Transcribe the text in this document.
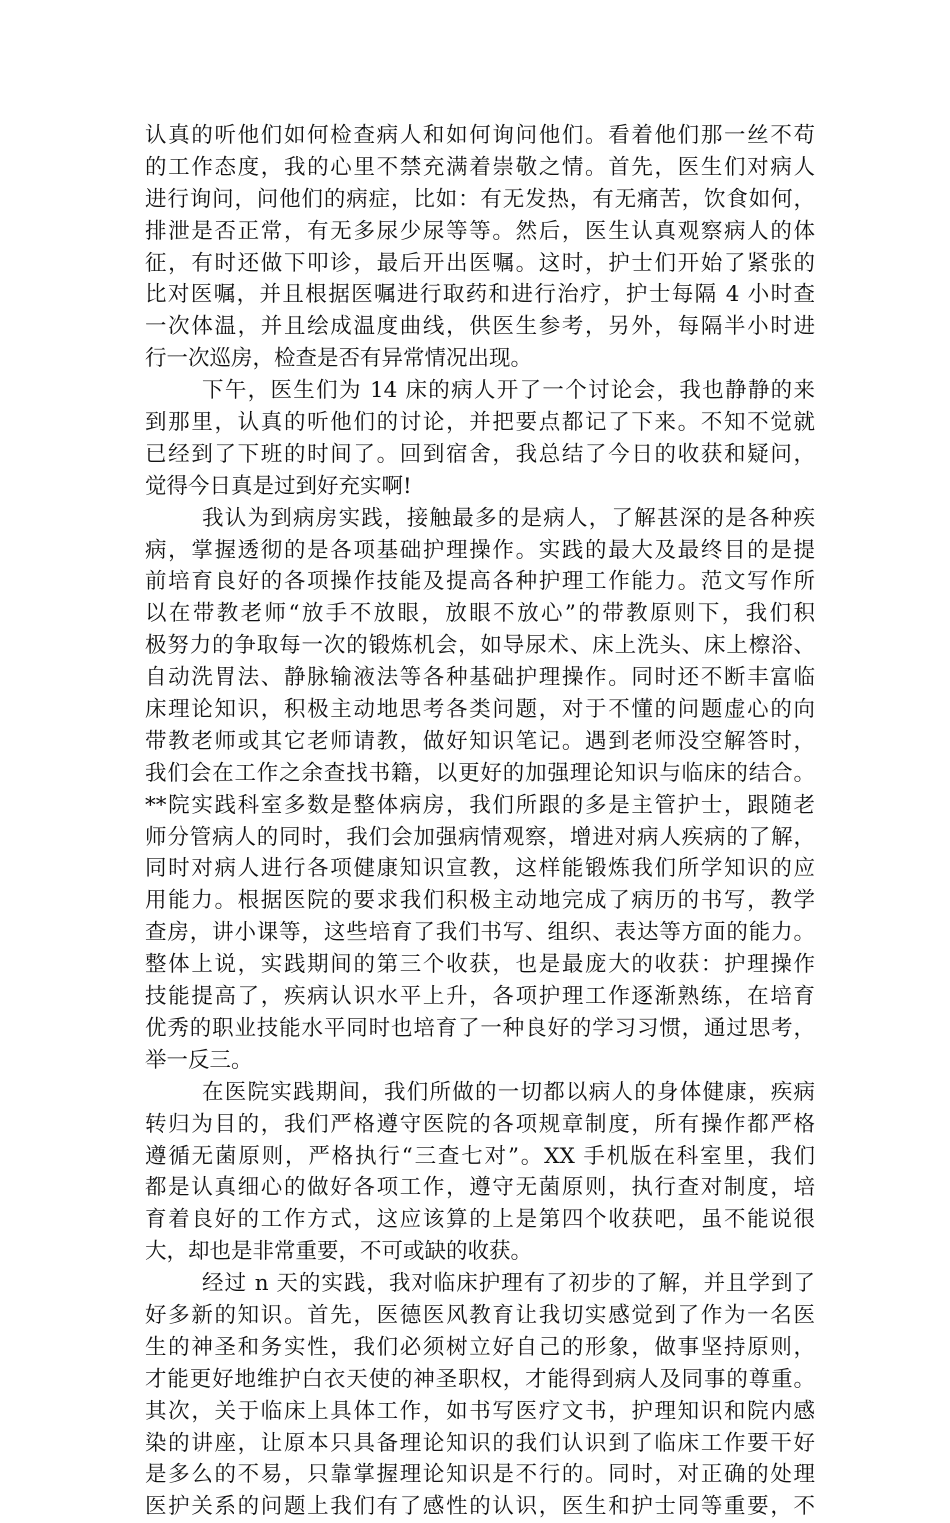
认真的听他们如何检查病人和如何询问他们。看着他们那一丝不苟
的工作态度，我的心里不禁充满着崇敬之情。首先，医生们对病人
进行询问，问他们的病症，比如：有无发热，有无痛苦，饮食如何，
排泄是否正常，有无多尿少尿等等。然后，医生认真观察病人的体
征，有时还做下叩诊，最后开出医嘱。这时，护士们开始了紧张的
比对医嘱，并且根据医嘱进行取药和进行治疗，护士每隔 4 小时查
一次体温，并且绘成温度曲线，供医生参考，另外，每隔半小时进
行一次巡房，检查是否有异常情况出现。
下午，医生们为 14 床的病人开了一个讨论会，我也静静的来
到那里，认真的听他们的讨论，并把要点都记了下来。不知不觉就
已经到了下班的时间了。回到宿舍，我总结了今日的收获和疑问，
觉得今日真是过到好充实啊!
我认为到病房实践，接触最多的是病人，了解甚深的是各种疾
病，掌握透彻的是各项基础护理操作。实践的最大及最终目的是提
前培育良好的各项操作技能及提高各种护理工作能力。范文写作所
以在带教老师“放手不放眼，放眼不放心”的带教原则下，我们积
极努力的争取每一次的锻炼机会，如导尿术、床上洗头、床上檫浴、
自动洗胃法、静脉输液法等各种基础护理操作。同时还不断丰富临
床理论知识，积极主动地思考各类问题，对于不懂的问题虚心的向
带教老师或其它老师请教，做好知识笔记。遇到老师没空解答时，
我们会在工作之余查找书籍，以更好的加强理论知识与临床的结合。
**院实践科室多数是整体病房，我们所跟的多是主管护士，跟随老
师分管病人的同时，我们会加强病情观察，增进对病人疾病的了解，
同时对病人进行各项健康知识宣教，这样能锻炼我们所学知识的应
用能力。根据医院的要求我们积极主动地完成了病历的书写，教学
查房，讲小课等，这些培育了我们书写、组织、表达等方面的能力。
整体上说，实践期间的第三个收获，也是最庞大的收获：护理操作
技能提高了，疾病认识水平上升，各项护理工作逐渐熟练，在培育
优秀的职业技能水平同时也培育了一种良好的学习习惯，通过思考，
举一反三。
在医院实践期间，我们所做的一切都以病人的身体健康，疾病
转归为目的，我们严格遵守医院的各项规章制度，所有操作都严格
遵循无菌原则，严格执行“三查七对”。XX 手机版在科室里，我们
都是认真细心的做好各项工作，遵守无菌原则，执行查对制度，培
育着良好的工作方式，这应该算的上是第四个收获吧，虽不能说很
大，却也是非常重要，不可或缺的收获。
经过 n 天的实践，我对临床护理有了初步的了解，并且学到了
好多新的知识。首先，医德医风教育让我切实感觉到了作为一名医
生的神圣和务实性，我们必须树立好自己的形象，做事坚持原则，
才能更好地维护白衣天使的神圣职权，才能得到病人及同事的尊重。
其次，关于临床上具体工作，如书写医疗文书，护理知识和院内感
染的讲座，让原本只具备理论知识的我们认识到了临床工作要干好
是多么的不易，只靠掌握理论知识是不行的。同时，对正确的处理
医护关系的问题上我们有了感性的认识，医生和护士同等重要，不
